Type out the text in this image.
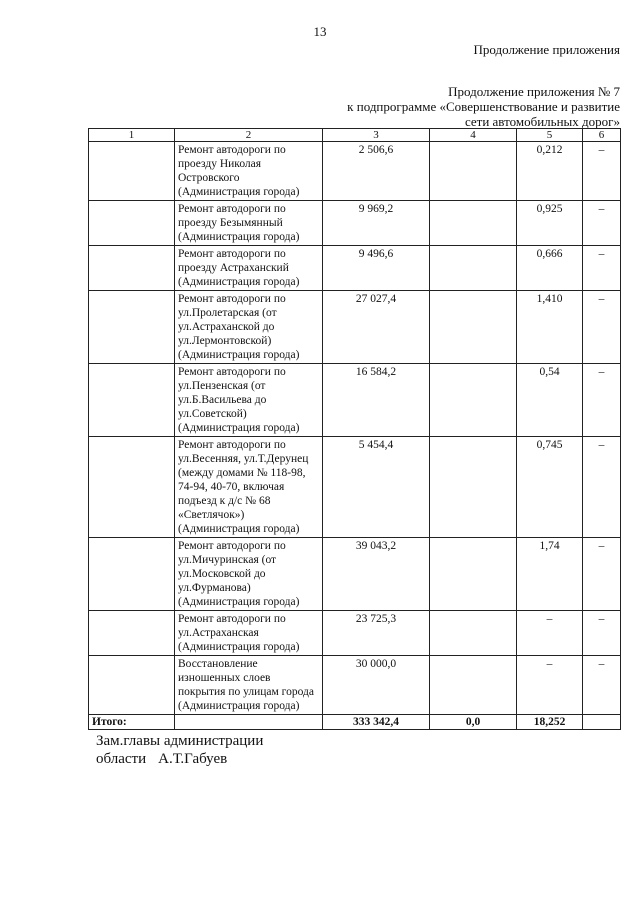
13
Продолжение приложения
Продолжение приложения № 7
к подпрограмме «Совершенствование и развитие
сети автомобильных дорог»
1	2	3	4	5	6
	Ремонт автодороги по проезду Николая Островского (Администрация города)	2 506,6		0,212	–
	Ремонт автодороги по проезду Безымянный (Администрация города)	9 969,2		0,925	–
	Ремонт автодороги по проезду Астраханский (Администрация города)	9 496,6		0,666	–
	Ремонт автодороги по ул.Пролетарская (от ул.Астраханской до ул.Лермонтовской) (Администрация города)	27 027,4		1,410	–
	Ремонт автодороги по ул.Пензенская (от ул.Б.Васильева до ул.Советской) (Администрация города)	16 584,2		0,54	–
	Ремонт автодороги по ул.Весенняя, ул.Т.Дерунец (между домами № 118-98, 74-94, 40-70, включая подъезд к д/с № 68 «Светлячок») (Администрация города)	5 454,4		0,745	–
	Ремонт автодороги по ул.Мичуринская (от ул.Московской до ул.Фурманова) (Администрация города)	39 043,2		1,74	–
	Ремонт автодороги по ул.Астраханская (Администрация города)	23 725,3		–	–
	Восстановление изношенных слоев покрытия по улицам города (Администрация города)	30 000,0		–	–
Итого:		333 342,4	0,0	18,252	
Зам.главы администрации
области А.Т.Габуев
